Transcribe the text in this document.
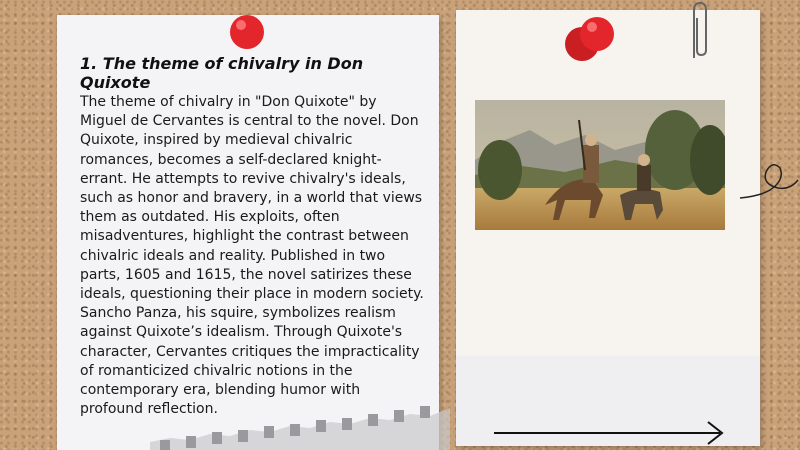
1. The theme of chivalry in Don Quixote

The theme of chivalry in "Don Quixote" by Miguel de Cervantes is central to the novel. Don Quixote, inspired by medieval chivalric romances, becomes a self-declared knight-errant. He attempts to revive chivalry's ideals, such as honor and bravery, in a world that views them as outdated. His exploits, often misadventures, highlight the contrast between chivalric ideals and reality. Published in two parts, 1605 and 1615, the novel satirizes these ideals, questioning their place in modern society. Sancho Panza, his squire, symbolizes realism against Quixote’s idealism. Through Quixote's character, Cervantes critiques the impracticality of romanticized chivalric notions in the contemporary era, blending humor with profound reflection.
